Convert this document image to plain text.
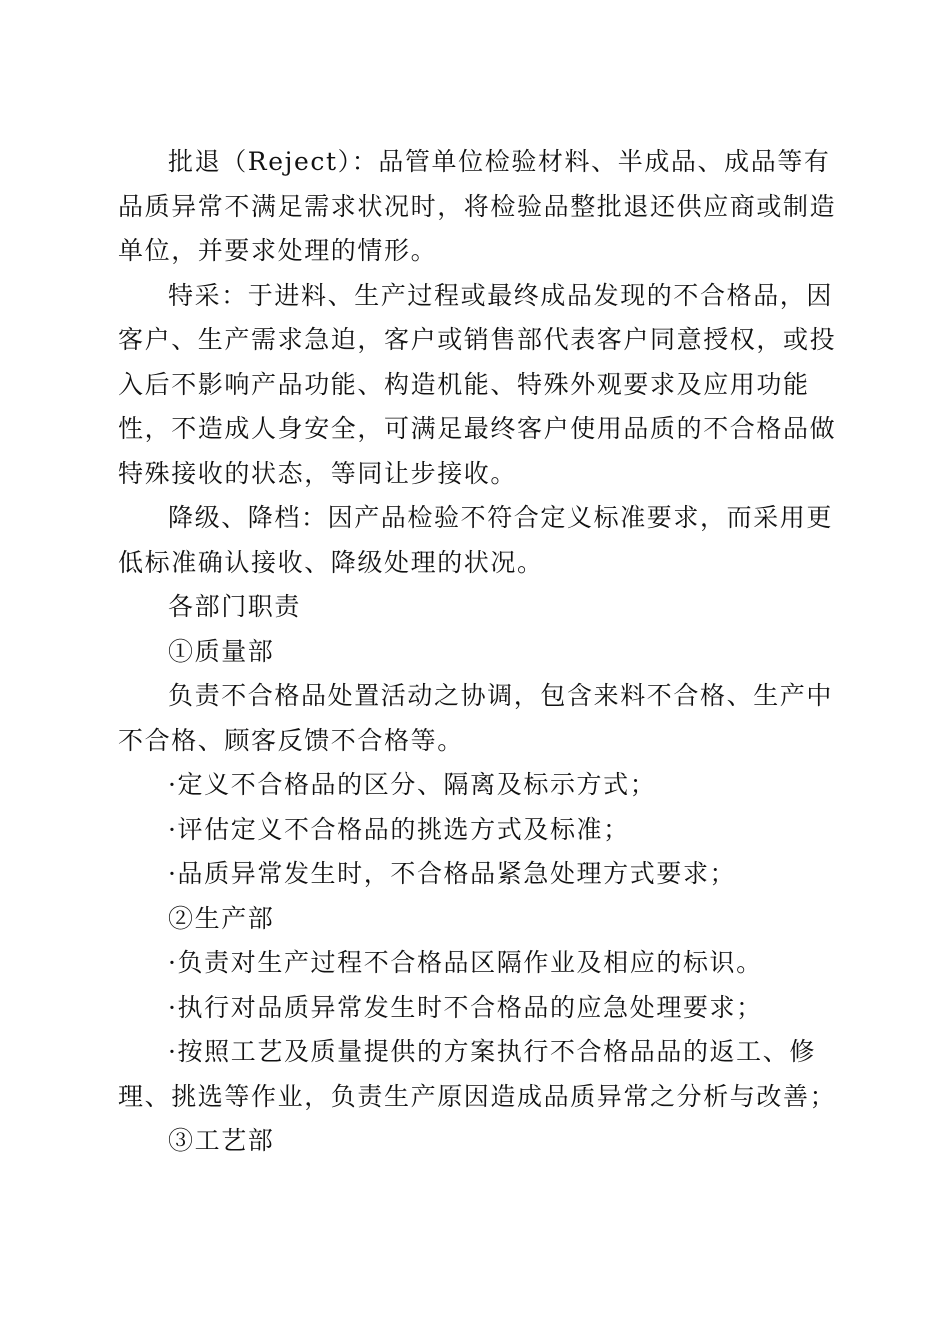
批退（Reject）：品管单位检验材料、半成品、成品等有品质异常不满足需求状况时，将检验品整批退还供应商或制造单位，并要求处理的情形。

特采：于进料、生产过程或最终成品发现的不合格品，因客户、生产需求急迫，客户或销售部代表客户同意授权，或投入后不影响产品功能、构造机能、特殊外观要求及应用功能性，不造成人身安全，可满足最终客户使用品质的不合格品做特殊接收的状态，等同让步接收。

降级、降档：因产品检验不符合定义标准要求，而采用更低标准确认接收、降级处理的状况。

各部门职责

①质量部

负责不合格品处置活动之协调，包含来料不合格、生产中不合格、顾客反馈不合格等。

·定义不合格品的区分、隔离及标示方式；

·评估定义不合格品的挑选方式及标准；

·品质异常发生时，不合格品紧急处理方式要求；

②生产部

·负责对生产过程不合格品区隔作业及相应的标识。

·执行对品质异常发生时不合格品的应急处理要求；

·按照工艺及质量提供的方案执行不合格品品的返工、修理、挑选等作业，负责生产原因造成品质异常之分析与改善；

③工艺部
